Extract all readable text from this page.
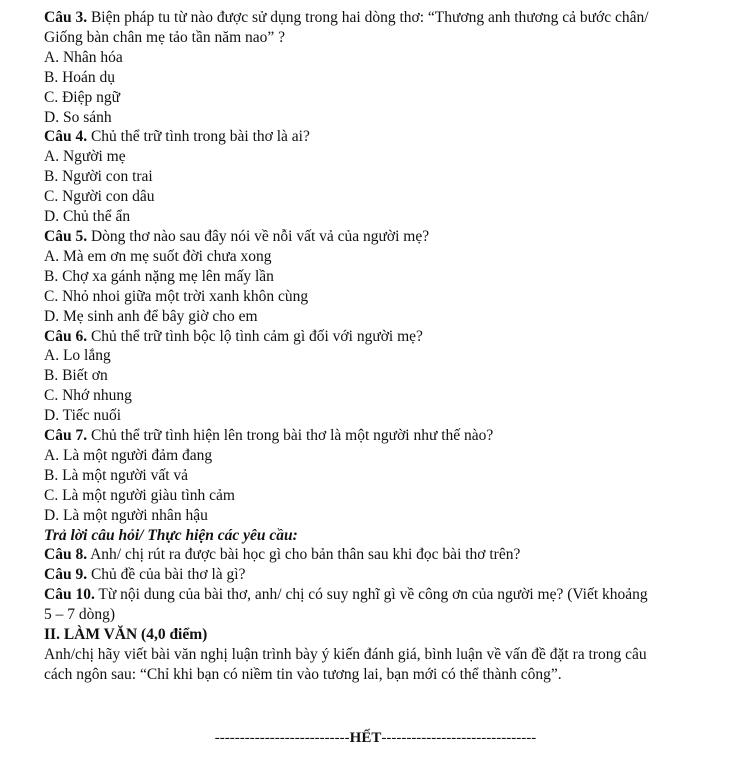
Câu 3. Biện pháp tu từ nào được sử dụng trong hai dòng thơ: “Thương anh thương cả bước chân/
Giống bàn chân mẹ tảo tần năm nao” ?
A. Nhân hóa
B. Hoán dụ
C. Điệp ngữ
D. So sánh
Câu 4. Chủ thể trữ tình trong bài thơ là ai?
A. Người mẹ
B. Người con trai
C. Người con dâu
D. Chủ thể ẩn
Câu 5. Dòng thơ nào sau đây nói về nỗi vất vả của người mẹ?
A. Mà em ơn mẹ suốt đời chưa xong
B. Chợ xa gánh nặng mẹ lên mấy lần
C. Nhỏ nhoi giữa một trời xanh khôn cùng
D. Mẹ sinh anh để bây giờ cho em
Câu 6. Chủ thể trữ tình bộc lộ tình cảm gì đối với người mẹ?
A. Lo lắng
B. Biết ơn
C. Nhớ nhung
D. Tiếc nuối
Câu 7. Chủ thể trữ tình hiện lên trong bài thơ là một người như thế nào?
A. Là một người đảm đang
B. Là một người vất vả
C. Là một người giàu tình cảm
D. Là một người nhân hậu
Trả lời câu hỏi/ Thực hiện các yêu cầu:
Câu 8. Anh/ chị rút ra được bài học gì cho bản thân sau khi đọc bài thơ trên?
Câu 9. Chủ đề của bài thơ là gì?
Câu 10. Từ nội dung của bài thơ, anh/ chị có suy nghĩ gì về công ơn của người mẹ? (Viết khoảng
5 – 7 dòng)
II. LÀM VĂN (4,0 điểm)
Anh/chị hãy viết bài văn nghị luận trình bày ý kiến đánh giá, bình luận về vấn đề đặt ra trong câu
cách ngôn sau: “Chỉ khi bạn có niềm tin vào tương lai, bạn mới có thể thành công”.
---------------------------HẾT-------------------------------
